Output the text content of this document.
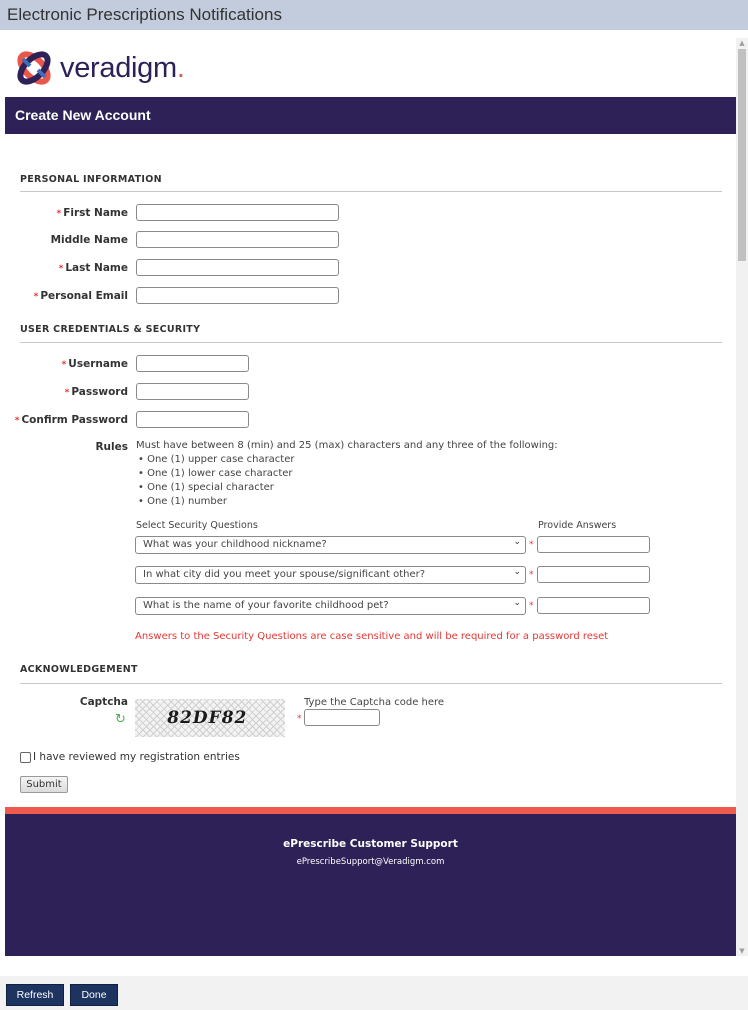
Electronic Prescriptions Notifications
▲
▼
veradigm.
Create New Account
PERSONAL INFORMATION
* First Name
Middle Name
* Last Name
* Personal Email
USER CREDENTIALS & SECURITY
* Username
* Password
* Confirm Password
Rules Must have between 8 (min) and 25 (max) characters and any three of the following:
• One (1) upper case character
• One (1) lower case character
• One (1) special character
• One (1) number
Select Security Questions	Provide Answers
What was your childhood nickname?	⌄ *
In what city did you meet your spouse/significant other?	⌄ *
What is the name of your favorite childhood pet?	⌄ *
Answers to the Security Questions are case sensitive and will be required for a password reset
ACKNOWLEDGEMENT
Captcha
↻ 82DF82
Type the Captcha code here
*
I have reviewed my registration entries
Submit
ePrescribe Customer Support
ePrescribeSupport@Veradigm.com
Refresh	Done
